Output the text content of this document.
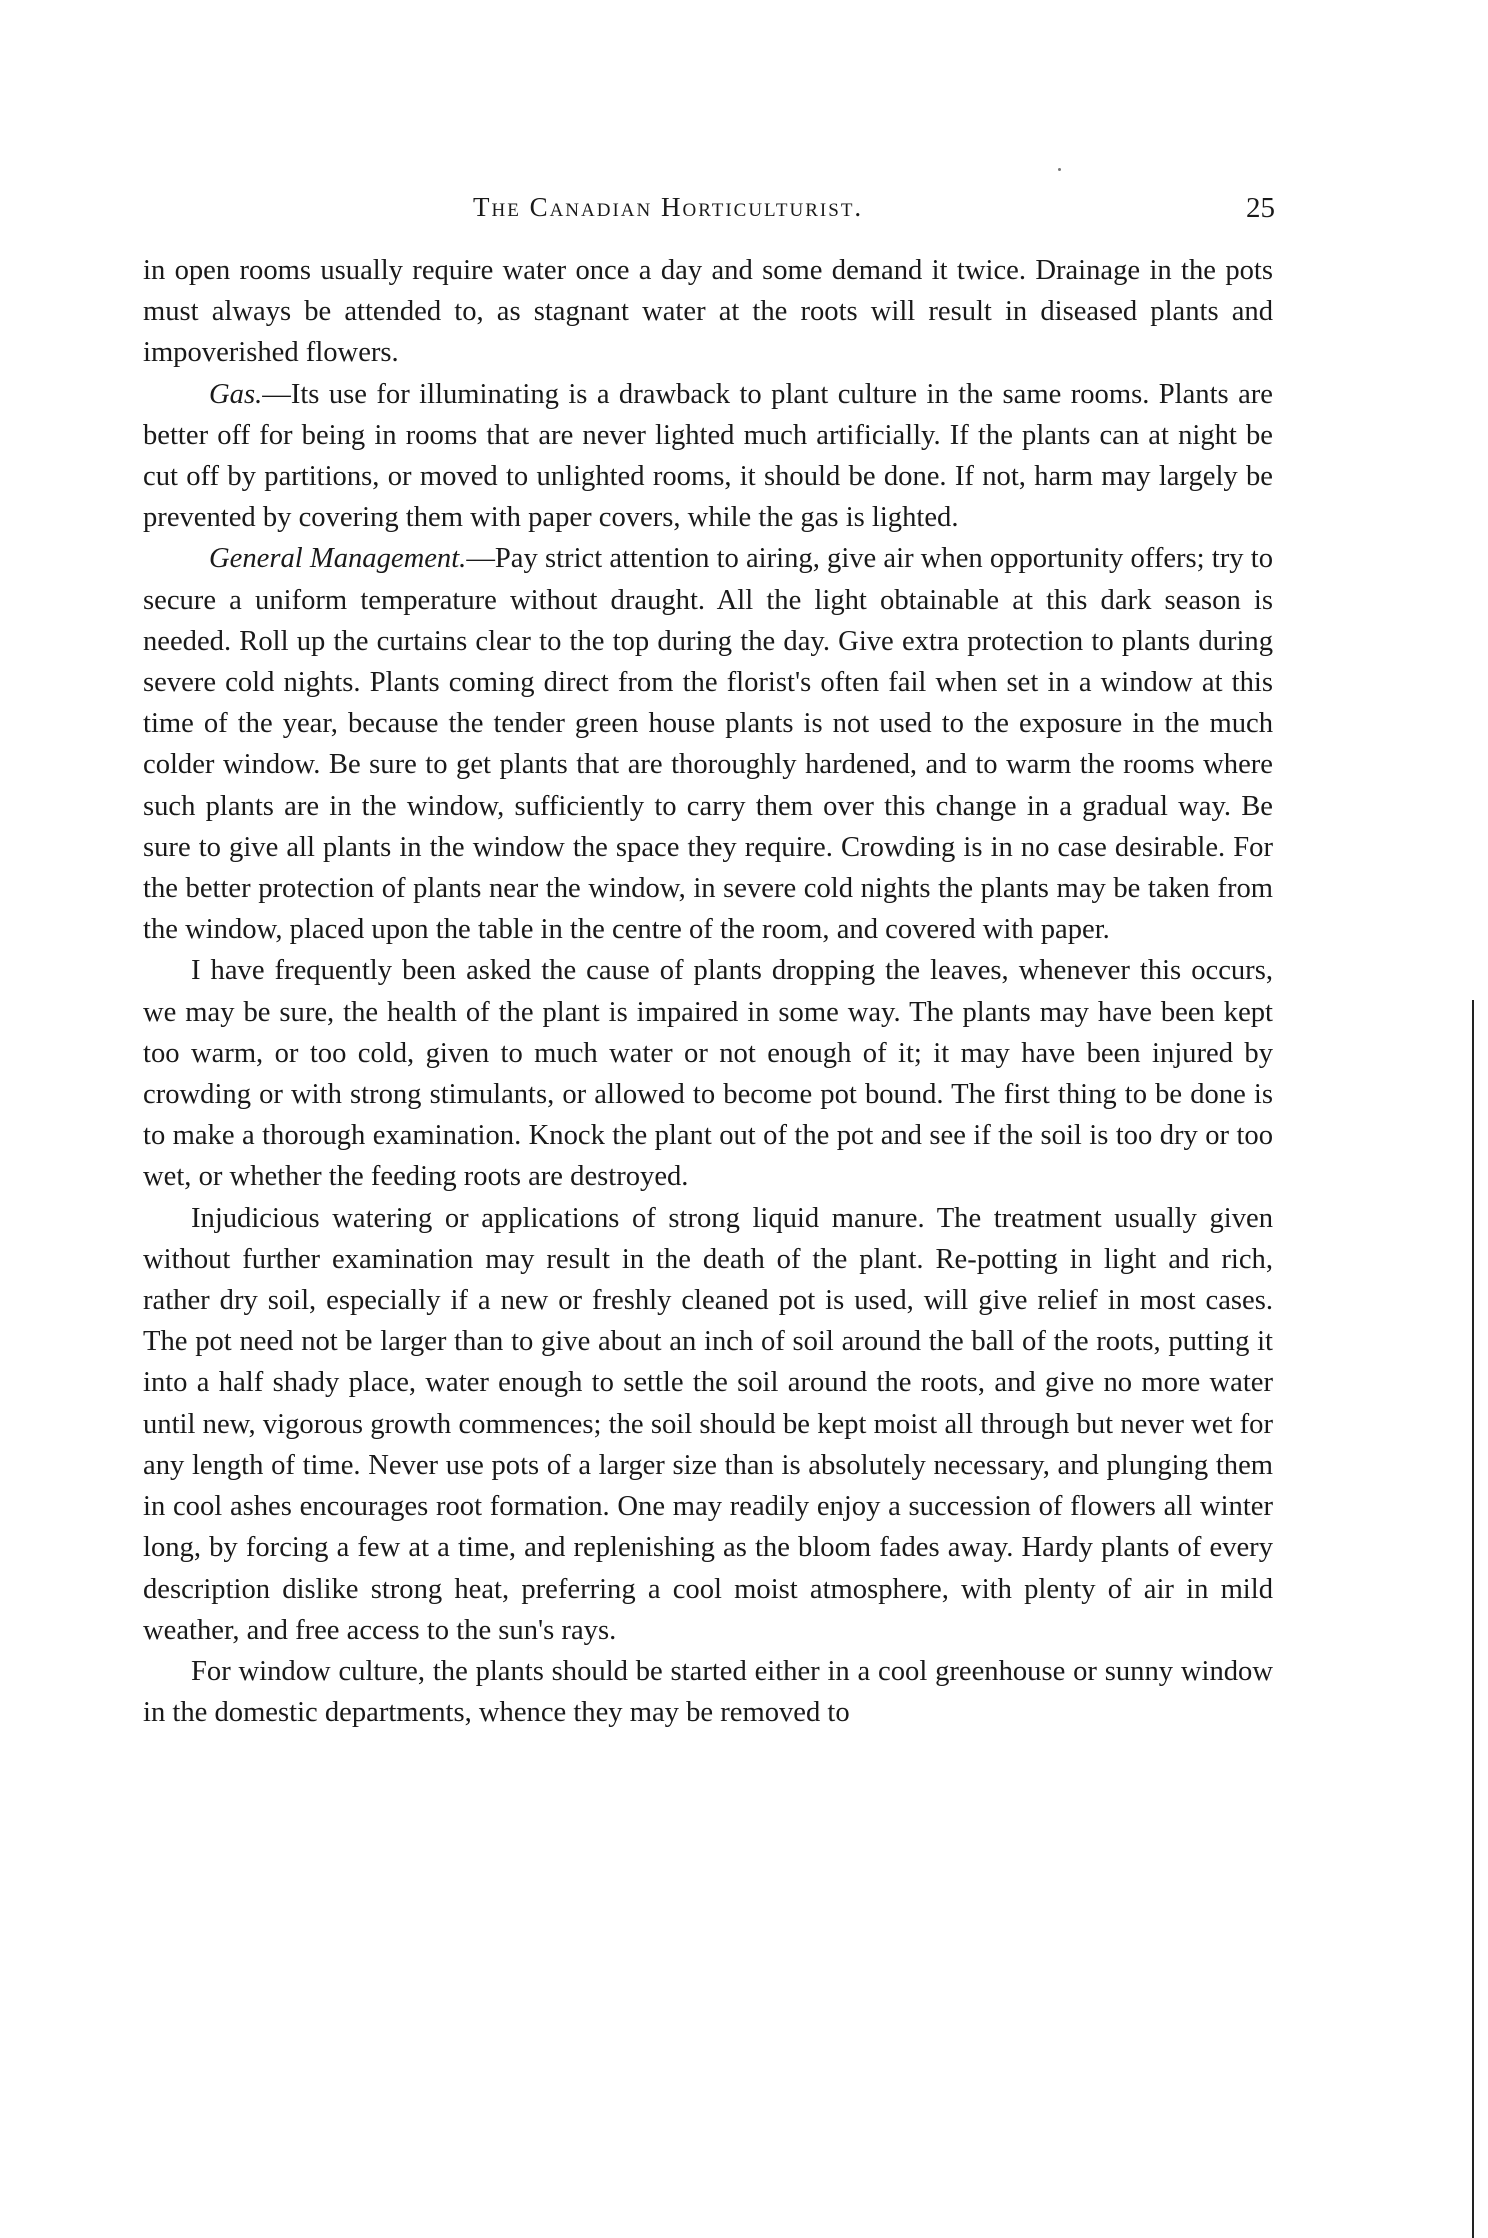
The Canadian Horticulturist.	25

in open rooms usually require water once a day and some demand it twice. Drainage in the pots must always be attended to, as stagnant water at the roots will result in diseased plants and impoverished flowers.

Gas.—Its use for illuminating is a drawback to plant culture in the same rooms. Plants are better off for being in rooms that are never lighted much artificially. If the plants can at night be cut off by partitions, or moved to unlighted rooms, it should be done. If not, harm may largely be prevented by covering them with paper covers, while the gas is lighted.

General Management.—Pay strict attention to airing, give air when opportunity offers; try to secure a uniform temperature without draught. All the light obtainable at this dark season is needed. Roll up the curtains clear to the top during the day. Give extra protection to plants during severe cold nights. Plants coming direct from the florist's often fail when set in a window at this time of the year, because the tender green house plants is not used to the exposure in the much colder window. Be sure to get plants that are thoroughly hardened, and to warm the rooms where such plants are in the window, sufficiently to carry them over this change in a gradual way. Be sure to give all plants in the window the space they require. Crowding is in no case desirable. For the better protection of plants near the window, in severe cold nights the plants may be taken from the window, placed upon the table in the centre of the room, and covered with paper.

I have frequently been asked the cause of plants dropping the leaves, whenever this occurs, we may be sure, the health of the plant is impaired in some way. The plants may have been kept too warm, or too cold, given to much water or not enough of it; it may have been injured by crowding or with strong stimulants, or allowed to become pot bound. The first thing to be done is to make a thorough examination. Knock the plant out of the pot and see if the soil is too dry or too wet, or whether the feeding roots are destroyed.

Injudicious watering or applications of strong liquid manure. The treatment usually given without further examination may result in the death of the plant. Re-potting in light and rich, rather dry soil, especially if a new or freshly cleaned pot is used, will give relief in most cases. The pot need not be larger than to give about an inch of soil around the ball of the roots, putting it into a half shady place, water enough to settle the soil around the roots, and give no more water until new, vigorous growth commences; the soil should be kept moist all through but never wet for any length of time. Never use pots of a larger size than is absolutely necessary, and plunging them in cool ashes encourages root formation. One may readily enjoy a succession of flowers all winter long, by forcing a few at a time, and replenishing as the bloom fades away. Hardy plants of every description dislike strong heat, preferring a cool moist atmosphere, with plenty of air in mild weather, and free access to the sun's rays.

For window culture, the plants should be started either in a cool greenhouse or sunny window in the domestic departments, whence they may be removed to
